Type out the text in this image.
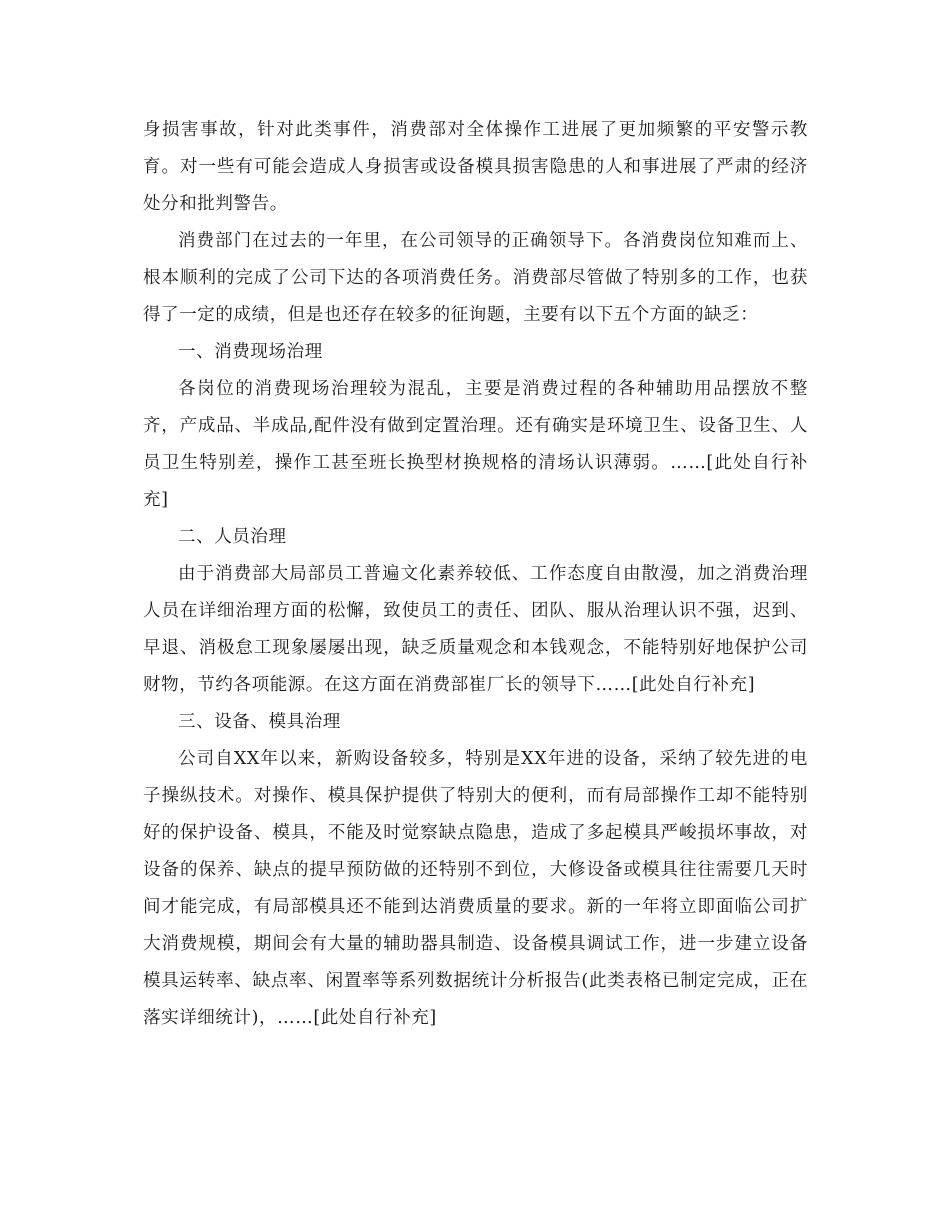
身损害事故，针对此类事件，消费部对全体操作工进展了更加频繁的平安警示教育。对一些有可能会造成人身损害或设备模具损害隐患的人和事进展了严肃的经济处分和批判警告。

消费部门在过去的一年里，在公司领导的正确领导下。各消费岗位知难而上、根本顺利的完成了公司下达的各项消费任务。消费部尽管做了特别多的工作，也获得了一定的成绩，但是也还存在较多的征询题，主要有以下五个方面的缺乏：

一、消费现场治理

各岗位的消费现场治理较为混乱，主要是消费过程的各种辅助用品摆放不整齐，产成品、半成品,配件没有做到定置治理。还有确实是环境卫生、设备卫生、人员卫生特别差，操作工甚至班长换型材换规格的清场认识薄弱。……[此处自行补充]

二、人员治理

由于消费部大局部员工普遍文化素养较低、工作态度自由散漫，加之消费治理人员在详细治理方面的松懈，致使员工的责任、团队、服从治理认识不强，迟到、早退、消极怠工现象屡屡出现，缺乏质量观念和本钱观念，不能特别好地保护公司财物，节约各项能源。在这方面在消费部崔厂长的领导下……[此处自行补充]

三、设备、模具治理

公司自XX年以来，新购设备较多，特别是XX年进的设备，采纳了较先进的电子操纵技术。对操作、模具保护提供了特别大的便利，而有局部操作工却不能特别好的保护设备、模具，不能及时觉察缺点隐患，造成了多起模具严峻损坏事故，对设备的保养、缺点的提早预防做的还特别不到位，大修设备或模具往往需要几天时间才能完成，有局部模具还不能到达消费质量的要求。新的一年将立即面临公司扩大消费规模，期间会有大量的辅助器具制造、设备模具调试工作，进一步建立设备模具运转率、缺点率、闲置率等系列数据统计分析报告(此类表格已制定完成，正在落实详细统计)，……[此处自行补充]
